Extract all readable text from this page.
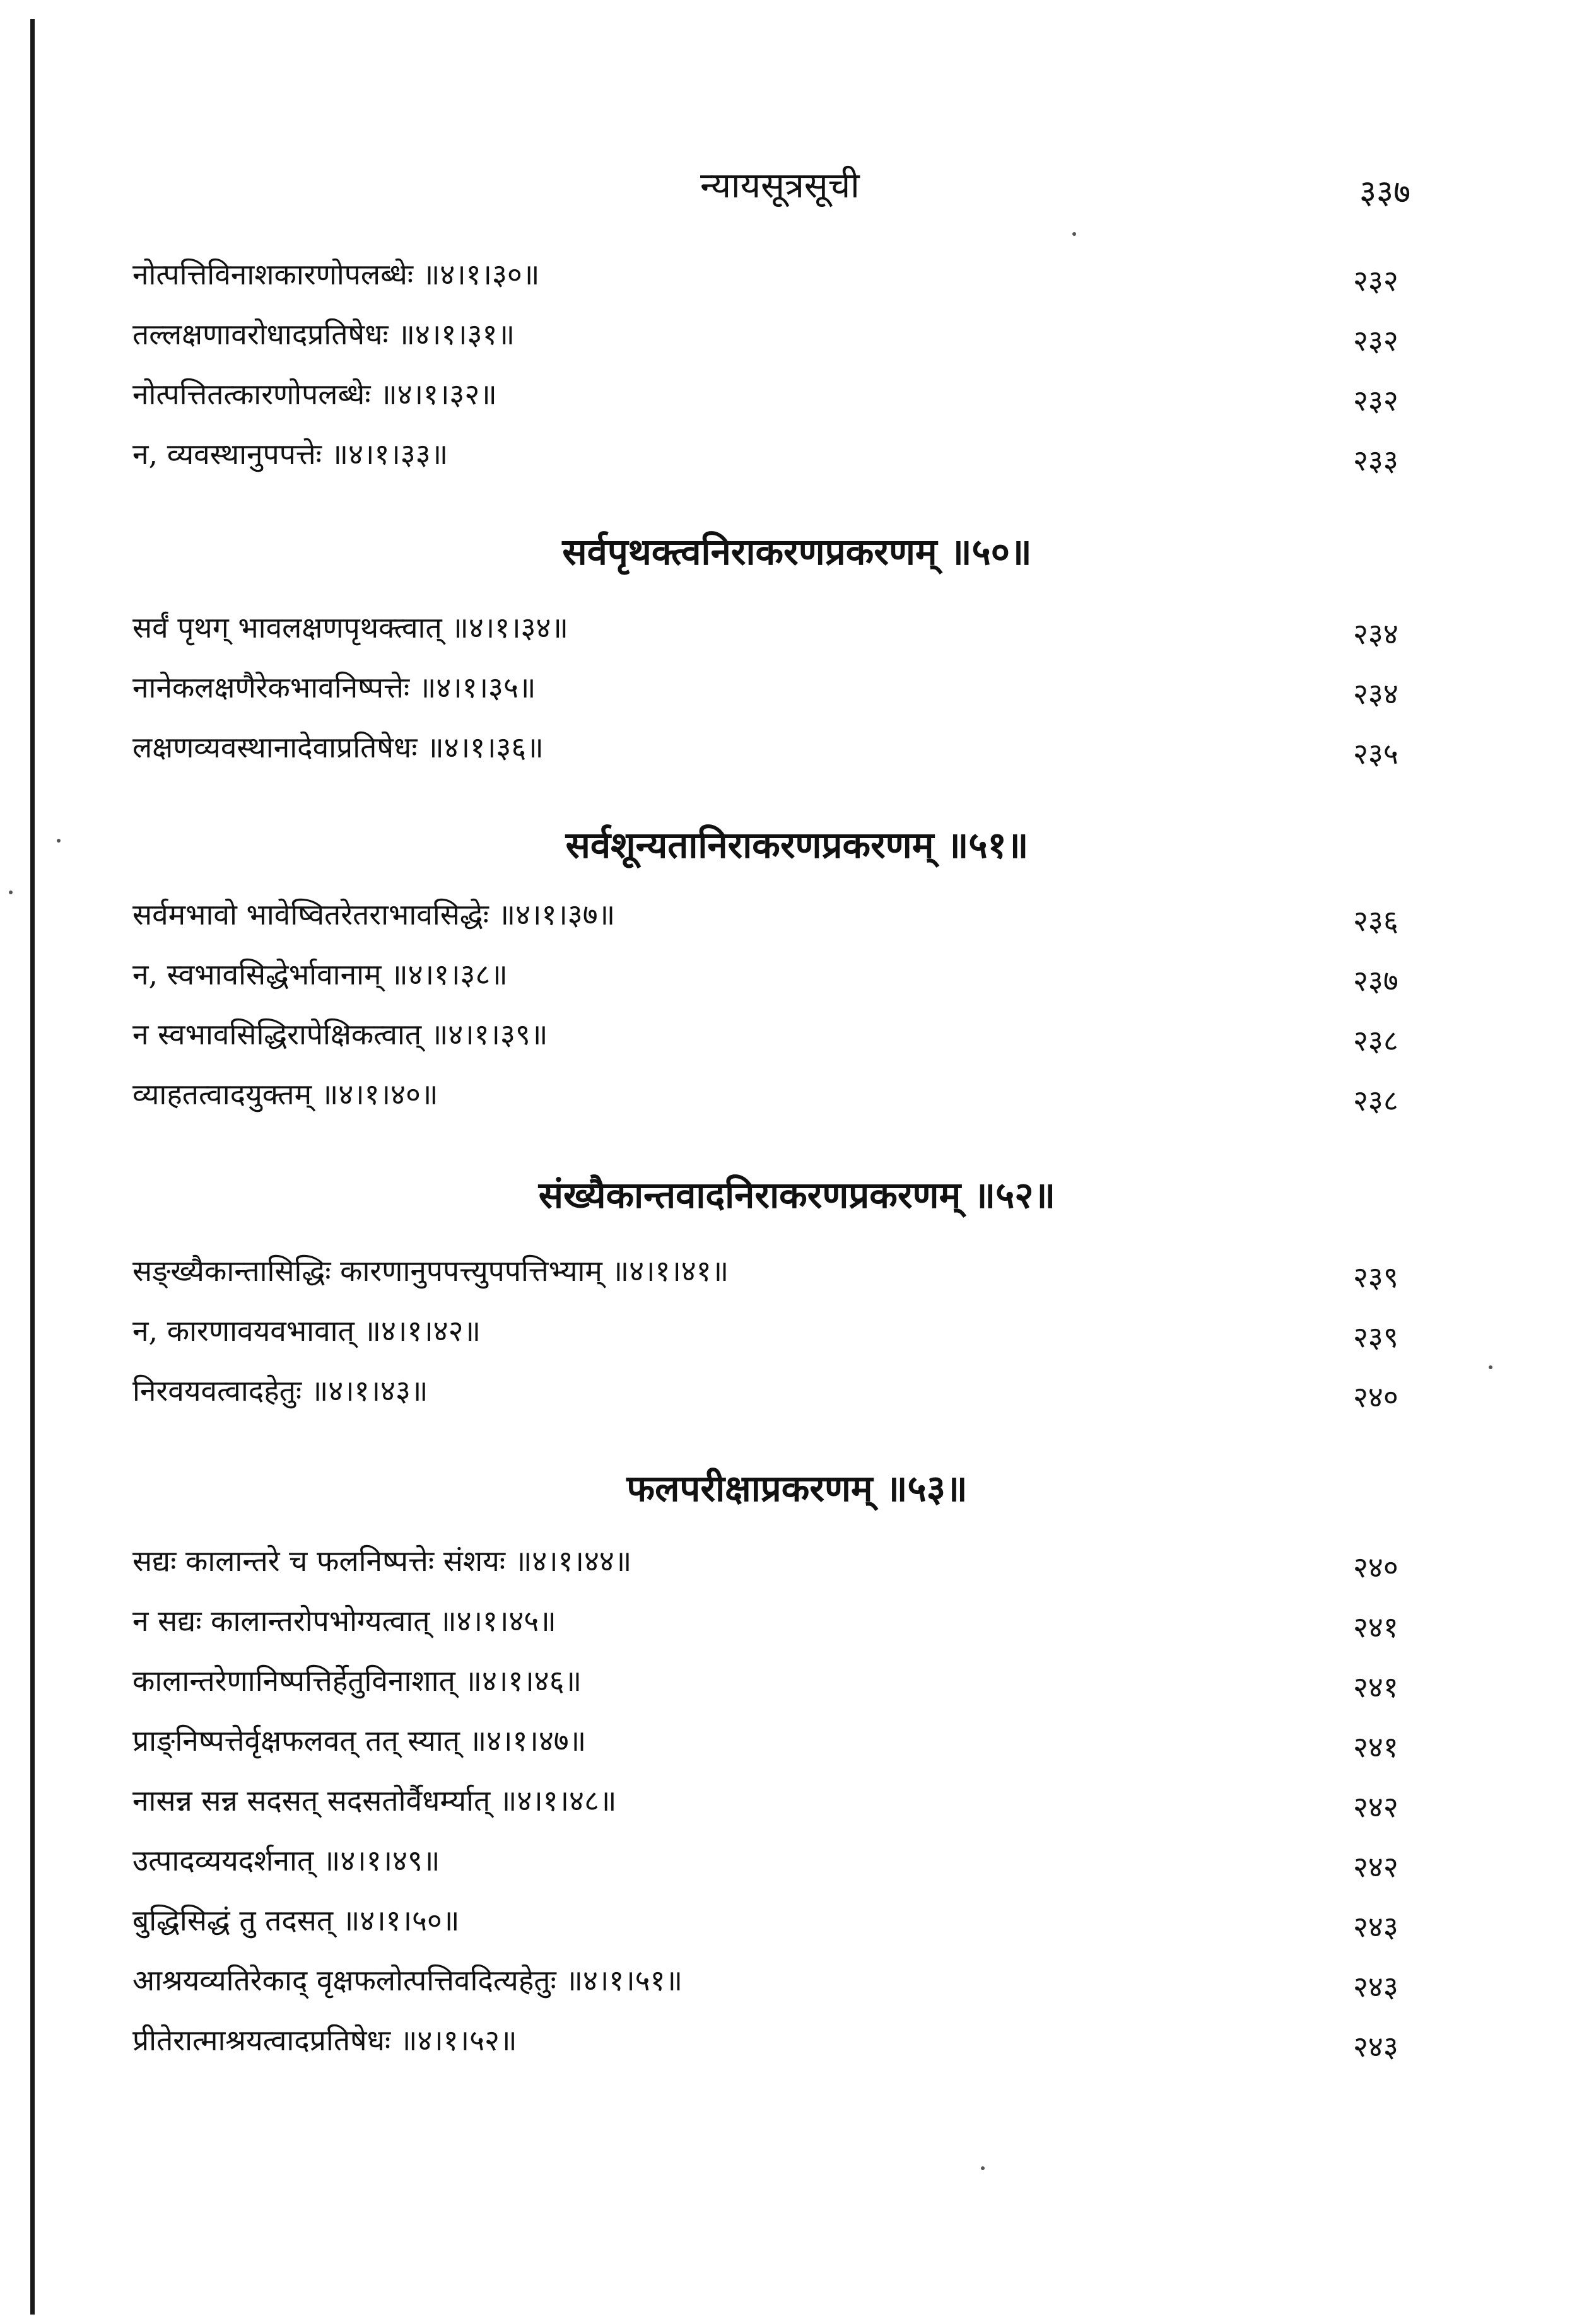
न्यायसूत्रसूची	३३७
नोत्पत्तिविनाशकारणोपलब्धेः ॥४।१।३०॥	२३२
तल्लक्षणावरोधादप्रतिषेधः ॥४।१।३१॥	२३२
नोत्पत्तितत्कारणोपलब्धेः ॥४।१।३२॥	२३२
न, व्यवस्थानुपपत्तेः ॥४।१।३३॥	२३३
सर्वपृथक्त्वनिराकरणप्रकरणम् ॥५०॥
सर्वं पृथग् भावलक्षणपृथक्त्वात् ॥४।१।३४॥	२३४
नानेकलक्षणैरेकभावनिष्पत्तेः ॥४।१।३५॥	२३४
लक्षणव्यवस्थानादेवाप्रतिषेधः ॥४।१।३६॥	२३५
सर्वशून्यतानिराकरणप्रकरणम् ॥५१॥
सर्वमभावो भावेष्वितरेतराभावसिद्धेः ॥४।१।३७॥	२३६
न, स्वभावसिद्धेर्भावानाम् ॥४।१।३८॥	२३७
न स्वभावसिद्धिरापेक्षिकत्वात् ॥४।१।३९॥	२३८
व्याहतत्वादयुक्तम् ॥४।१।४०॥	२३८
संख्यैकान्तवादनिराकरणप्रकरणम् ॥५२॥
सङ्ख्यैकान्तासिद्धिः कारणानुपपत्त्युपपत्तिभ्याम् ॥४।१।४१॥	२३९
न, कारणावयवभावात् ॥४।१।४२॥	२३९
निरवयवत्वादहेतुः ॥४।१।४३॥	२४०
फलपरीक्षाप्रकरणम् ॥५३॥
सद्यः कालान्तरे च फलनिष्पत्तेः संशयः ॥४।१।४४॥	२४०
न सद्यः कालान्तरोपभोग्यत्वात् ॥४।१।४५॥	२४१
कालान्तरेणानिष्पत्तिर्हेतुविनाशात् ॥४।१।४६॥	२४१
प्राङ्निष्पत्तेर्वृक्षफलवत् तत् स्यात् ॥४।१।४७॥	२४१
नासन्न सन्न सदसत् सदसतोर्वैधर्म्यात् ॥४।१।४८॥	२४२
उत्पादव्ययदर्शनात् ॥४।१।४९॥	२४२
बुद्धिसिद्धं तु तदसत् ॥४।१।५०॥	२४३
आश्रयव्यतिरेकाद् वृक्षफलोत्पत्तिवदित्यहेतुः ॥४।१।५१॥	२४३
प्रीतेरात्माश्रयत्वादप्रतिषेधः ॥४।१।५२॥	२४३
